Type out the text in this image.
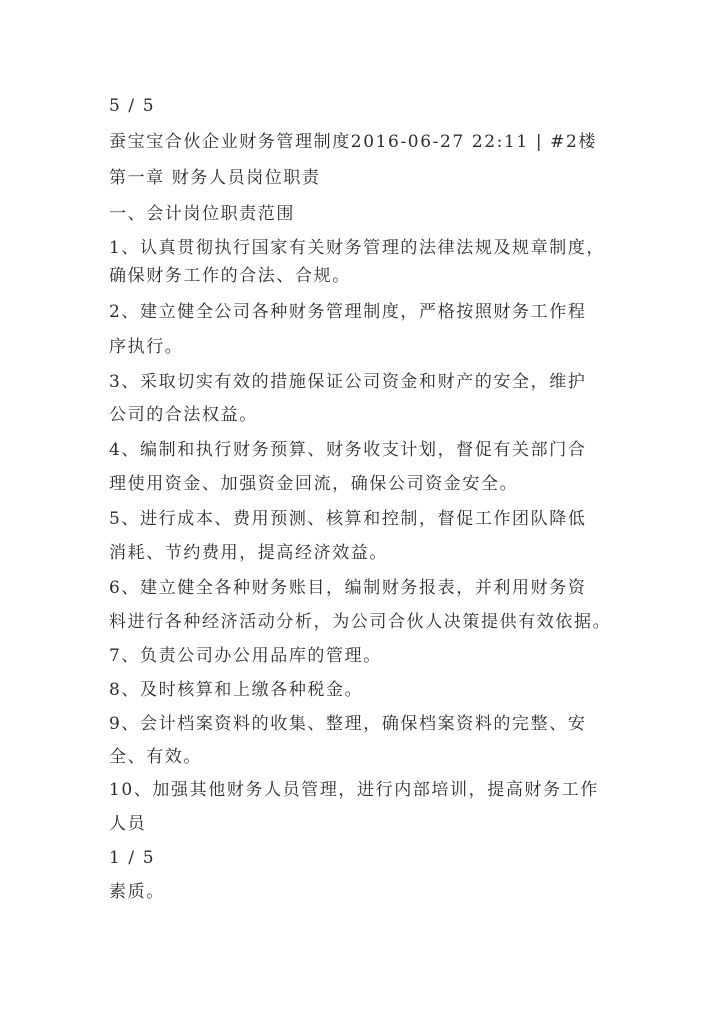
5 / 5
蚕宝宝合伙企业财务管理制度2016-06-27 22:11 | #2楼
第一章 财务人员岗位职责
一、会计岗位职责范围
1、认真贯彻执行国家有关财务管理的法律法规及规章制度，
确保财务工作的合法、合规。
2、建立健全公司各种财务管理制度，严格按照财务工作程
序执行。
3、采取切实有效的措施保证公司资金和财产的安全，维护
公司的合法权益。
4、编制和执行财务预算、财务收支计划，督促有关部门合
理使用资金、加强资金回流，确保公司资金安全。
5、进行成本、费用预测、核算和控制，督促工作团队降低
消耗、节约费用，提高经济效益。
6、建立健全各种财务账目，编制财务报表，并利用财务资
料进行各种经济活动分析，为公司合伙人决策提供有效依据。
7、负责公司办公用品库的管理。
8、及时核算和上缴各种税金。
9、会计档案资料的收集、整理，确保档案资料的完整、安
全、有效。
10、加强其他财务人员管理，进行内部培训，提高财务工作
人员
1 / 5
素质。
